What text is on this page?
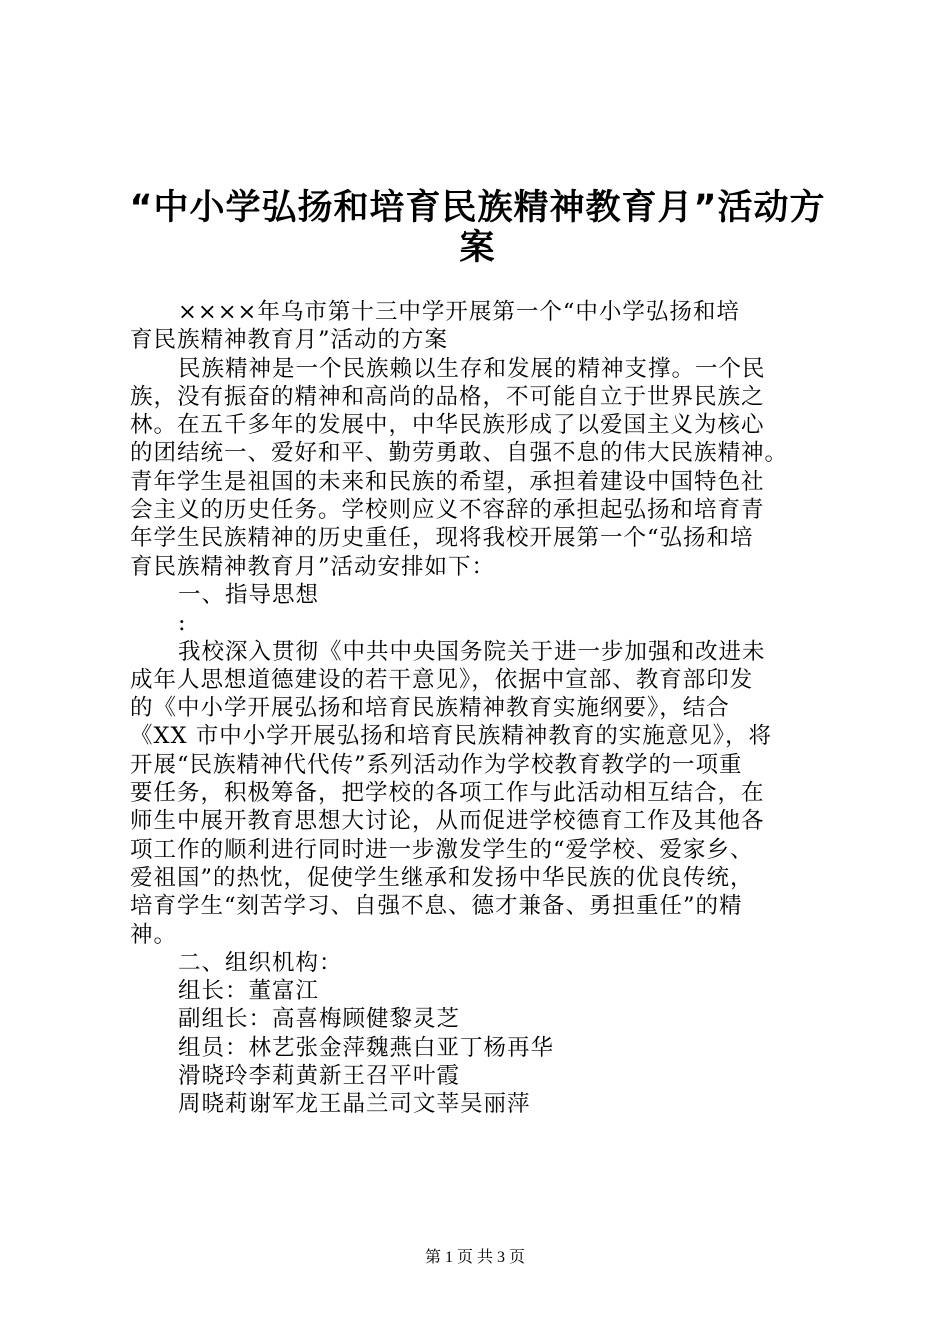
“中小学弘扬和培育民族精神教育月”活动方
案
××××年乌市第十三中学开展第一个“中小学弘扬和培
育民族精神教育月”活动的方案
民族精神是一个民族赖以生存和发展的精神支撑。一个民
族，没有振奋的精神和高尚的品格，不可能自立于世界民族之
林。在五千多年的发展中，中华民族形成了以爱国主义为核心
的团结统一、爱好和平、勤劳勇敢、自强不息的伟大民族精神。
青年学生是祖国的未来和民族的希望，承担着建设中国特色社
会主义的历史任务。学校则应义不容辞的承担起弘扬和培育青
年学生民族精神的历史重任，现将我校开展第一个“弘扬和培
育民族精神教育月”活动安排如下：
一、指导思想
:
我校深入贯彻《中共中央国务院关于进一步加强和改进未
成年人思想道德建设的若干意见》，依据中宣部、教育部印发
的《中小学开展弘扬和培育民族精神教育实施纲要》，结合
《XX 市中小学开展弘扬和培育民族精神教育的实施意见》，将
开展“民族精神代代传”系列活动作为学校教育教学的一项重
要任务，积极筹备，把学校的各项工作与此活动相互结合，在
师生中展开教育思想大讨论，从而促进学校德育工作及其他各
项工作的顺利进行同时进一步激发学生的“爱学校、爱家乡、
爱祖国”的热忱，促使学生继承和发扬中华民族的优良传统，
培育学生“刻苦学习、自强不息、德才兼备、勇担重任”的精
神。
二、组织机构：
组长：董富江
副组长：高喜梅顾健黎灵芝
组员：林艺张金萍魏燕白亚丁杨再华
滑晓玲李莉黄新王召平叶霞
周晓莉谢军龙王晶兰司文莘吴丽萍
第 1 页 共 3 页
